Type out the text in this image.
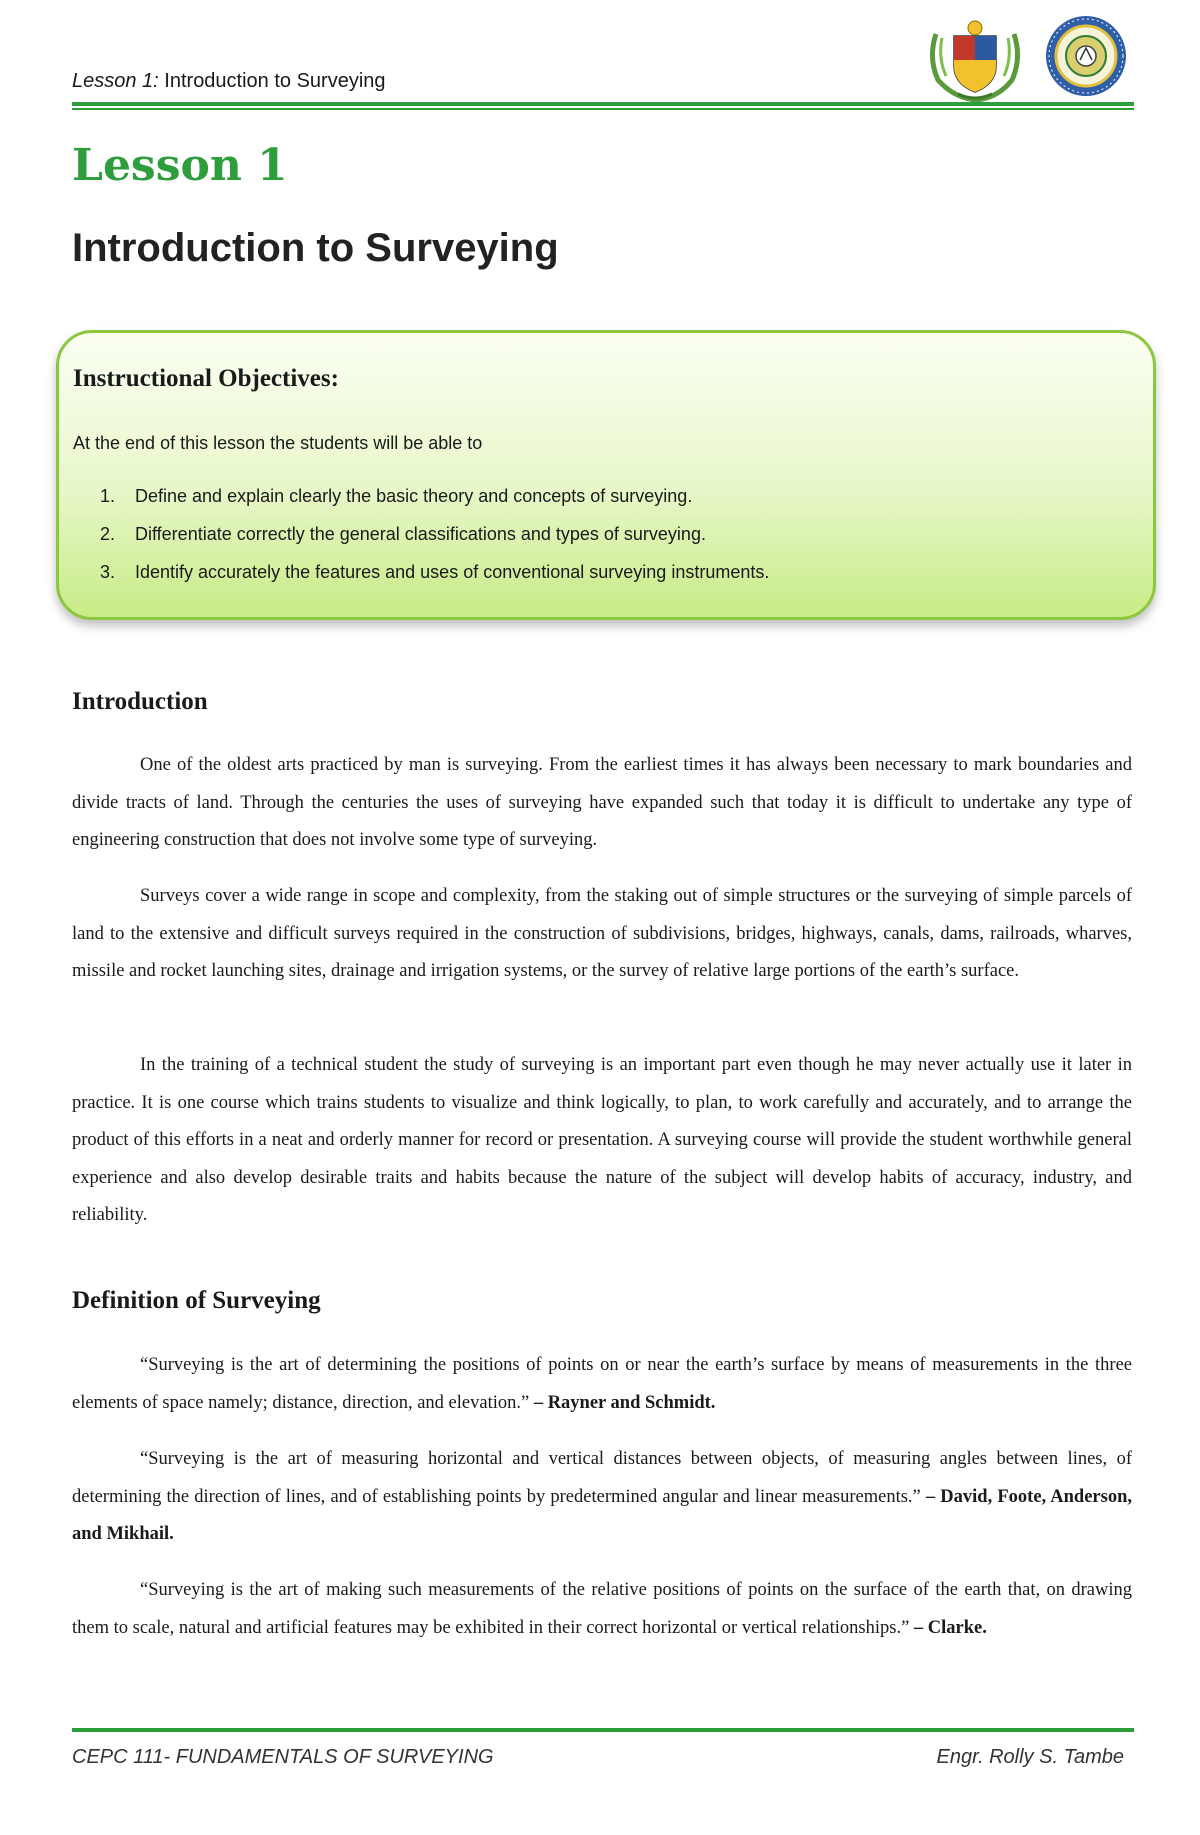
Lesson 1: Introduction to Surveying
Lesson 1
Introduction to Surveying
Instructional Objectives:

At the end of this lesson the students will be able to

1.	Define and explain clearly the basic theory and concepts of surveying.
2.	Differentiate correctly the general classifications and types of surveying.
3.	Identify accurately the features and uses of conventional surveying instruments.
Introduction

One of the oldest arts practiced by man is surveying. From the earliest times it has always been necessary to mark boundaries and divide tracts of land. Through the centuries the uses of surveying have expanded such that today it is difficult to undertake any type of engineering construction that does not involve some type of surveying.

Surveys cover a wide range in scope and complexity, from the staking out of simple structures or the surveying of simple parcels of land to the extensive and difficult surveys required in the construction of subdivisions, bridges, highways, canals, dams, railroads, wharves, missile and rocket launching sites, drainage and irrigation systems, or the survey of relative large portions of the earth’s surface.

In the training of a technical student the study of surveying is an important part even though he may never actually use it later in practice. It is one course which trains students to visualize and think logically, to plan, to work carefully and accurately, and to arrange the product of this efforts in a neat and orderly manner for record or presentation. A surveying course will provide the student worthwhile general experience and also develop desirable traits and habits because the nature of the subject will develop habits of accuracy, industry, and reliability.

Definition of Surveying

“Surveying is the art of determining the positions of points on or near the earth’s surface by means of measurements in the three elements of space namely; distance, direction, and elevation.” – Rayner and Schmidt.

“Surveying is the art of measuring horizontal and vertical distances between objects, of measuring angles between lines, of determining the direction of lines, and of establishing points by predetermined angular and linear measurements.” – David, Foote, Anderson, and Mikhail.

“Surveying is the art of making such measurements of the relative positions of points on the surface of the earth that, on drawing them to scale, natural and artificial features may be exhibited in their correct horizontal or vertical relationships.” – Clarke.

CEPC 111- FUNDAMENTALS OF SURVEYING	Engr. Rolly S. Tambe
